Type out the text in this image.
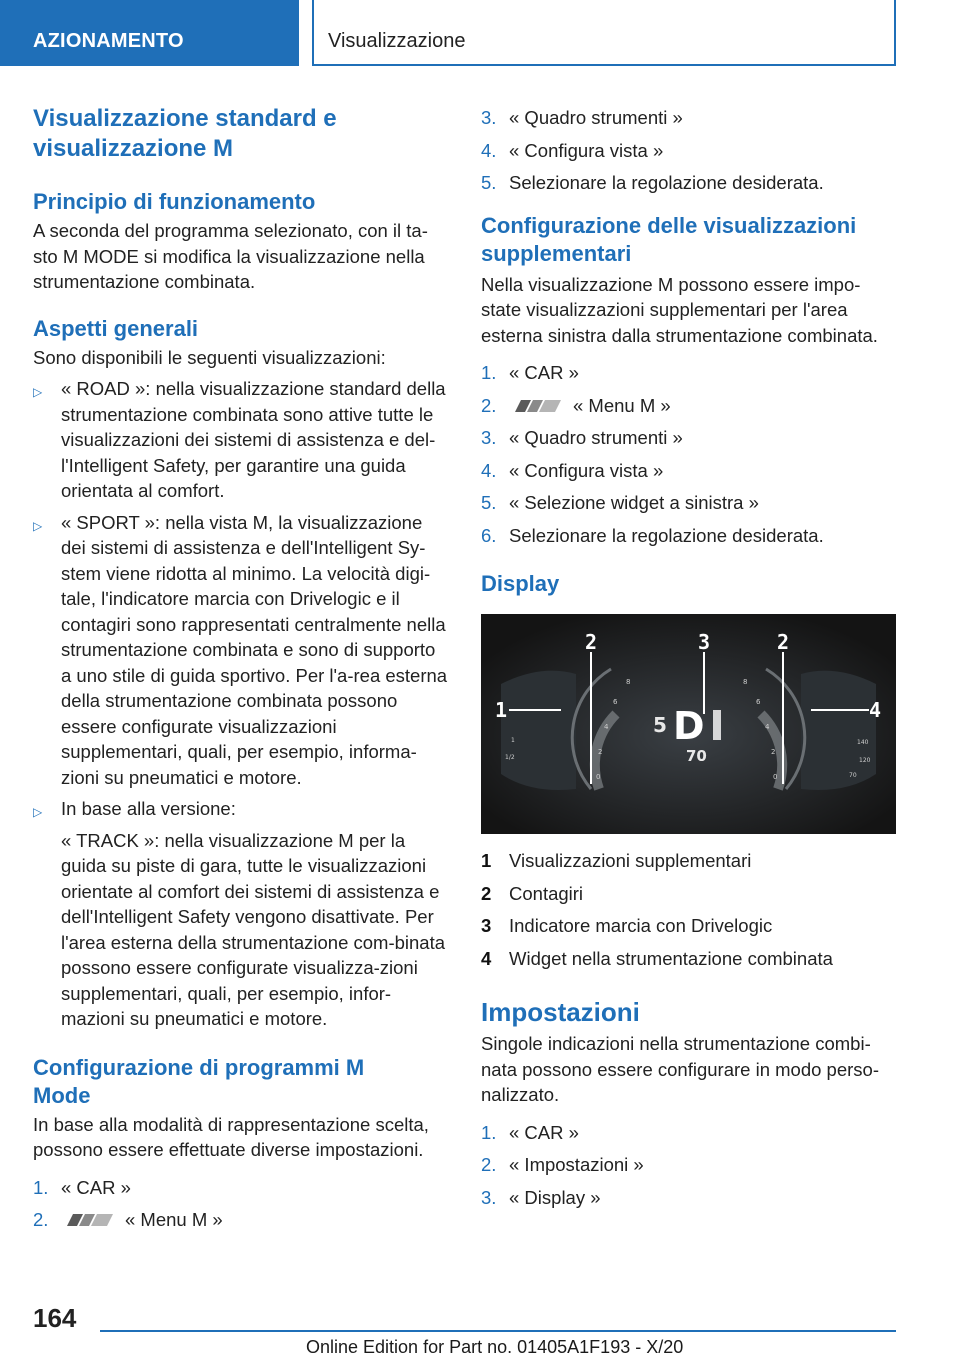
AZIONAMENTO	Visualizzazione
Visualizzazione standard e visualizzazione M
Principio di funzionamento

A seconda del programma selezionato, con il ta-sto M MODE si modifica la visualizzazione nella strumentazione combinata.

Aspetti generali

Sono disponibili le seguenti visualizzazioni:

▷ « ROAD »: nella visualizzazione standard della strumentazione combinata sono attive tutte le visualizzazioni dei sistemi di assistenza e del-l'Intelligent Safety, per garantire una guida orientata al comfort.
▷ « SPORT »: nella vista M, la visualizzazione dei sistemi di assistenza e dell'Intelligent Sy-stem viene ridotta al minimo. La velocità digi-tale, l'indicatore marcia con Drivelogic e il contagiri sono rappresentati centralmente nella strumentazione combinata e sono di supporto a uno stile di guida sportivo. Per l'a-rea esterna della strumentazione combinata possono essere configurate visualizzazioni supplementari, quali, per esempio, informa-zioni su pneumatici e motore.
▷ In base alla versione:
« TRACK »: nella visualizzazione M per la guida su piste di gara, tutte le visualizzazioni orientate al comfort dei sistemi di assistenza e dell'Intelligent Safety vengono disattivate. Per l'area esterna della strumentazione com-binata possono essere configurate visualizza-zioni supplementari, quali, per esempio, infor-mazioni su pneumatici e motore.
Configurazione di programmi M Mode

In base alla modalità di rappresentazione scelta, possono essere effettuate diverse impostazioni.

1. « CAR »
2.	« Menu M »
3. « Quadro strumenti »
4. « Configura vista »
5. Selezionare la regolazione desiderata.
Configurazione delle visualizzazioni supplementari

Nella visualizzazione M possono essere impo-state visualizzazioni supplementari per l'area esterna sinistra dalla strumentazione combinata.

1. « CAR »
2.	« Menu M »
3. « Quadro strumenti »
4. « Configura vista »
5. « Selezione widget a sinistra »
6. Selezionare la regolazione desiderata.
Display
8
6
4
2
0
1/2
1	140
120
70
8
6
4
2
0
5 D
70
1
2	3	2
4
1 Visualizzazioni supplementari
2 Contagiri
3 Indicatore marcia con Drivelogic
4 Widget nella strumentazione combinata
Impostazioni

Singole indicazioni nella strumentazione combi-nata possono essere configurare in modo perso-nalizzato.

1. « CAR »
2. « Impostazioni »
3. « Display »
164
Online Edition for Part no. 01405A1F193 - X/20
